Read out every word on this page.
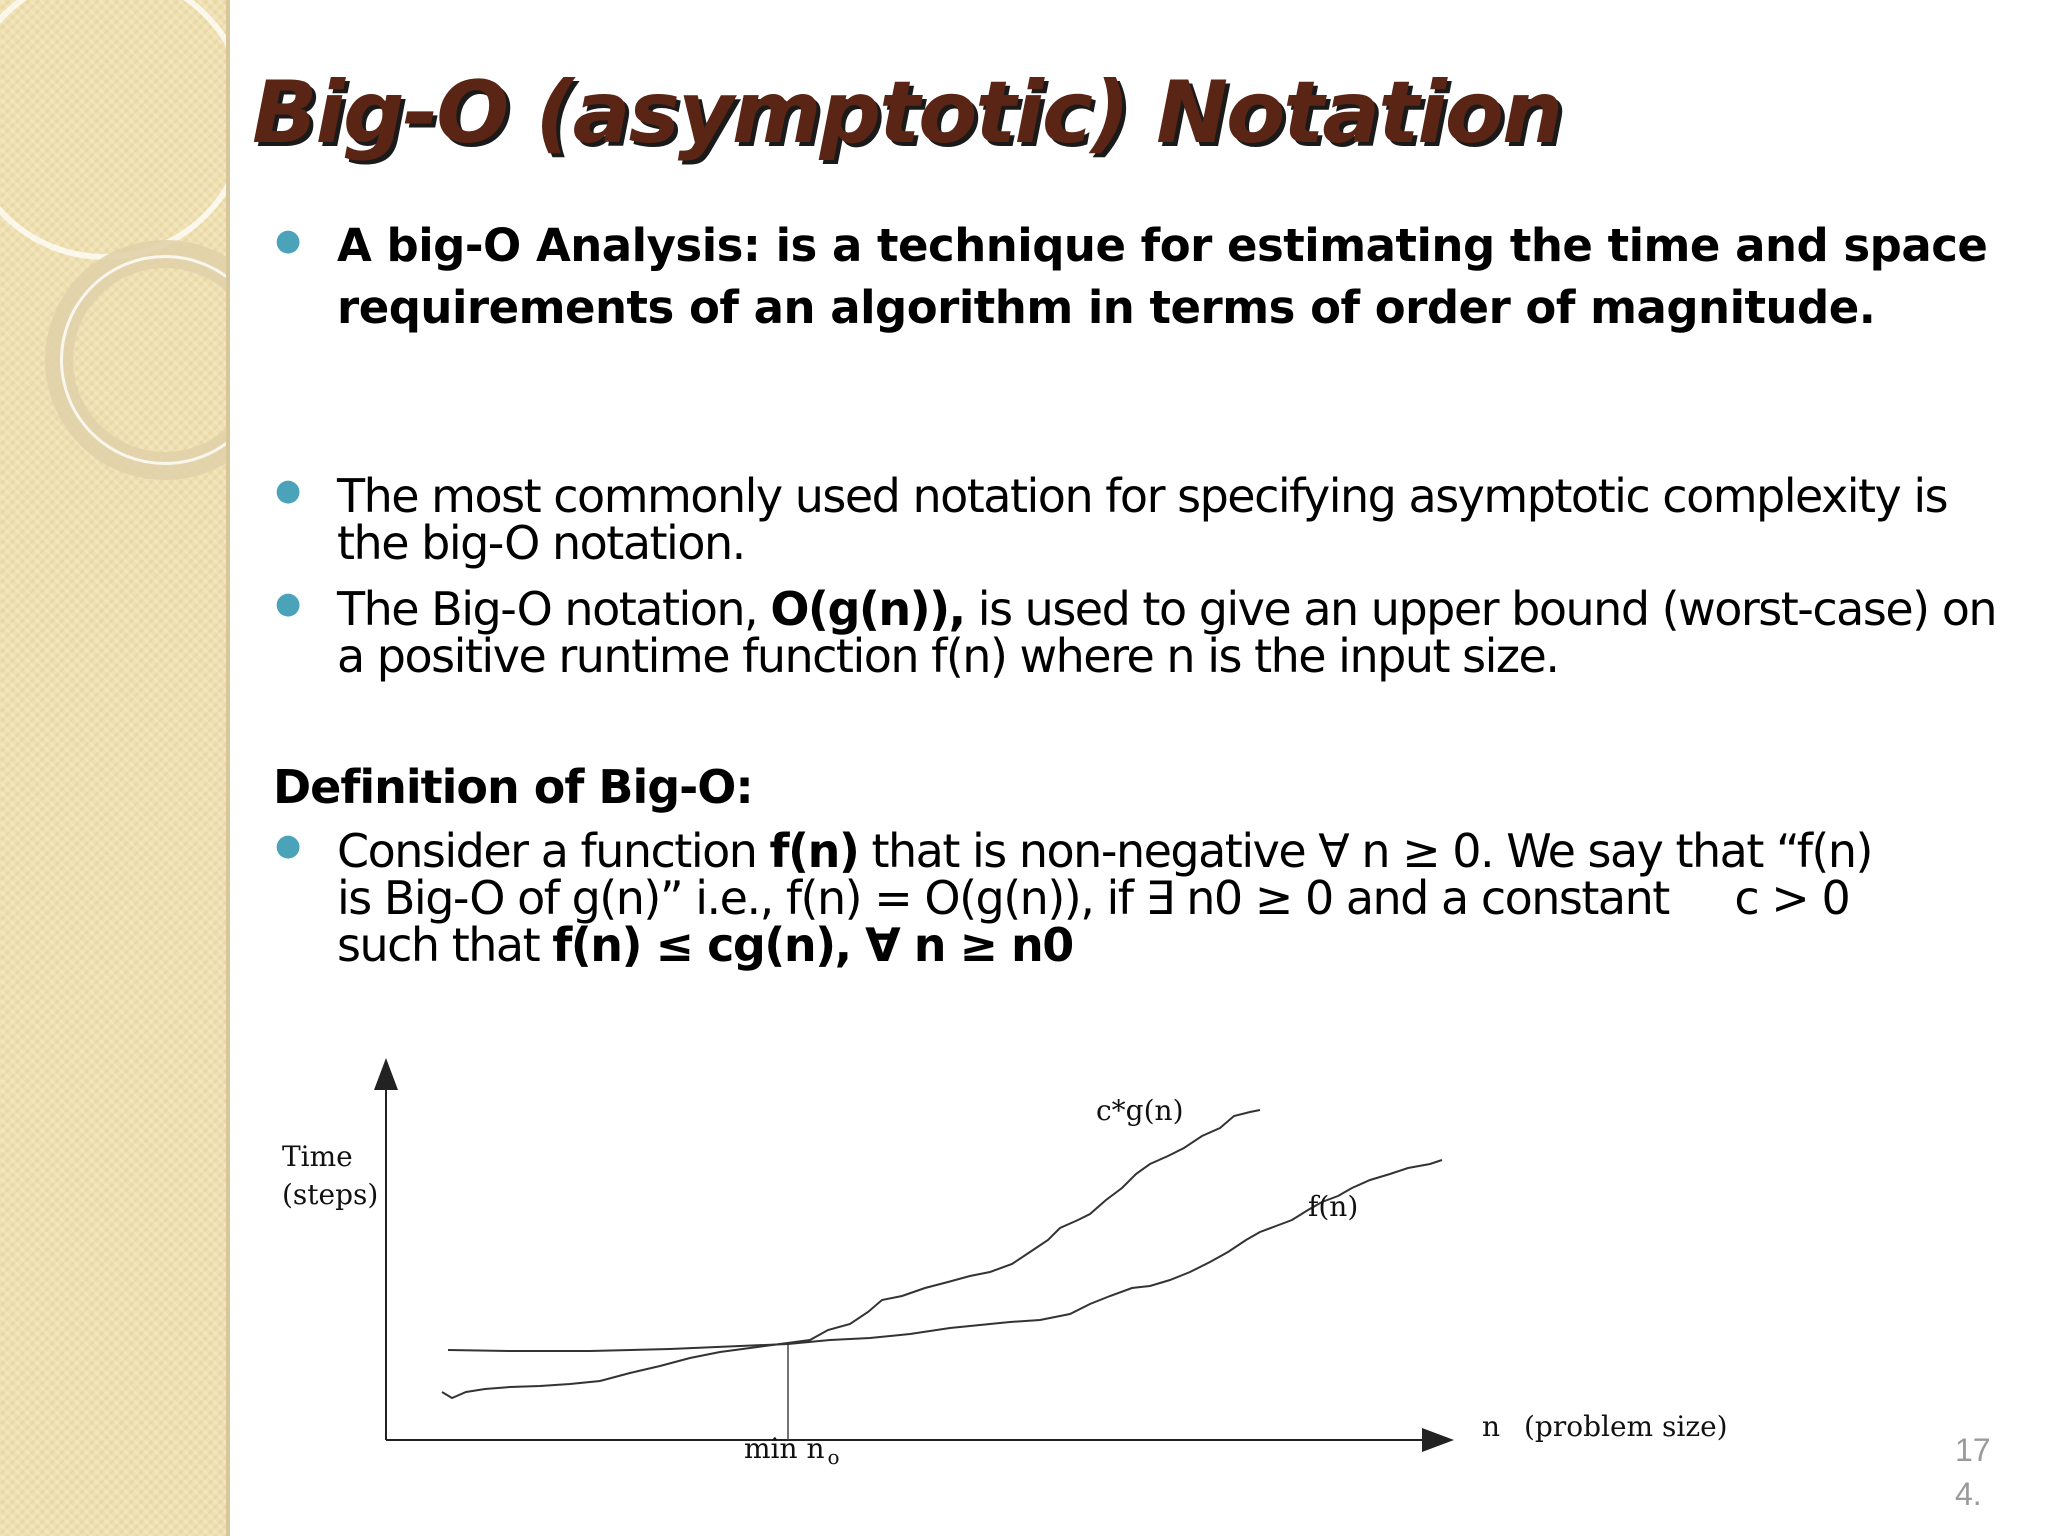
Big-O (asymptotic) Notation
● A big-O Analysis: is a technique for estimating the time and space requirements of an algorithm in terms of order of magnitude.
● The most commonly used notation for specifying asymptotic complexity is the big-O notation.
● The Big-O notation, O(g(n)), is used to give an upper bound (worst-case) on a positive runtime function f(n) where n is the input size.
Definition of Big-O:
● Consider a function f(n) that is non-negative ∀ n ≥ 0. We say that “f(n)
is Big-O of g(n)” i.e., f(n) = O(g(n)), if ∃ n0 ≥ 0 and a constant     c > 0
such that f(n) ≤ cg(n), ∀ n ≥ n0
Time
(steps)
n (problem size)
min n $_o$
c*g(n)
f(n)
17
4.
